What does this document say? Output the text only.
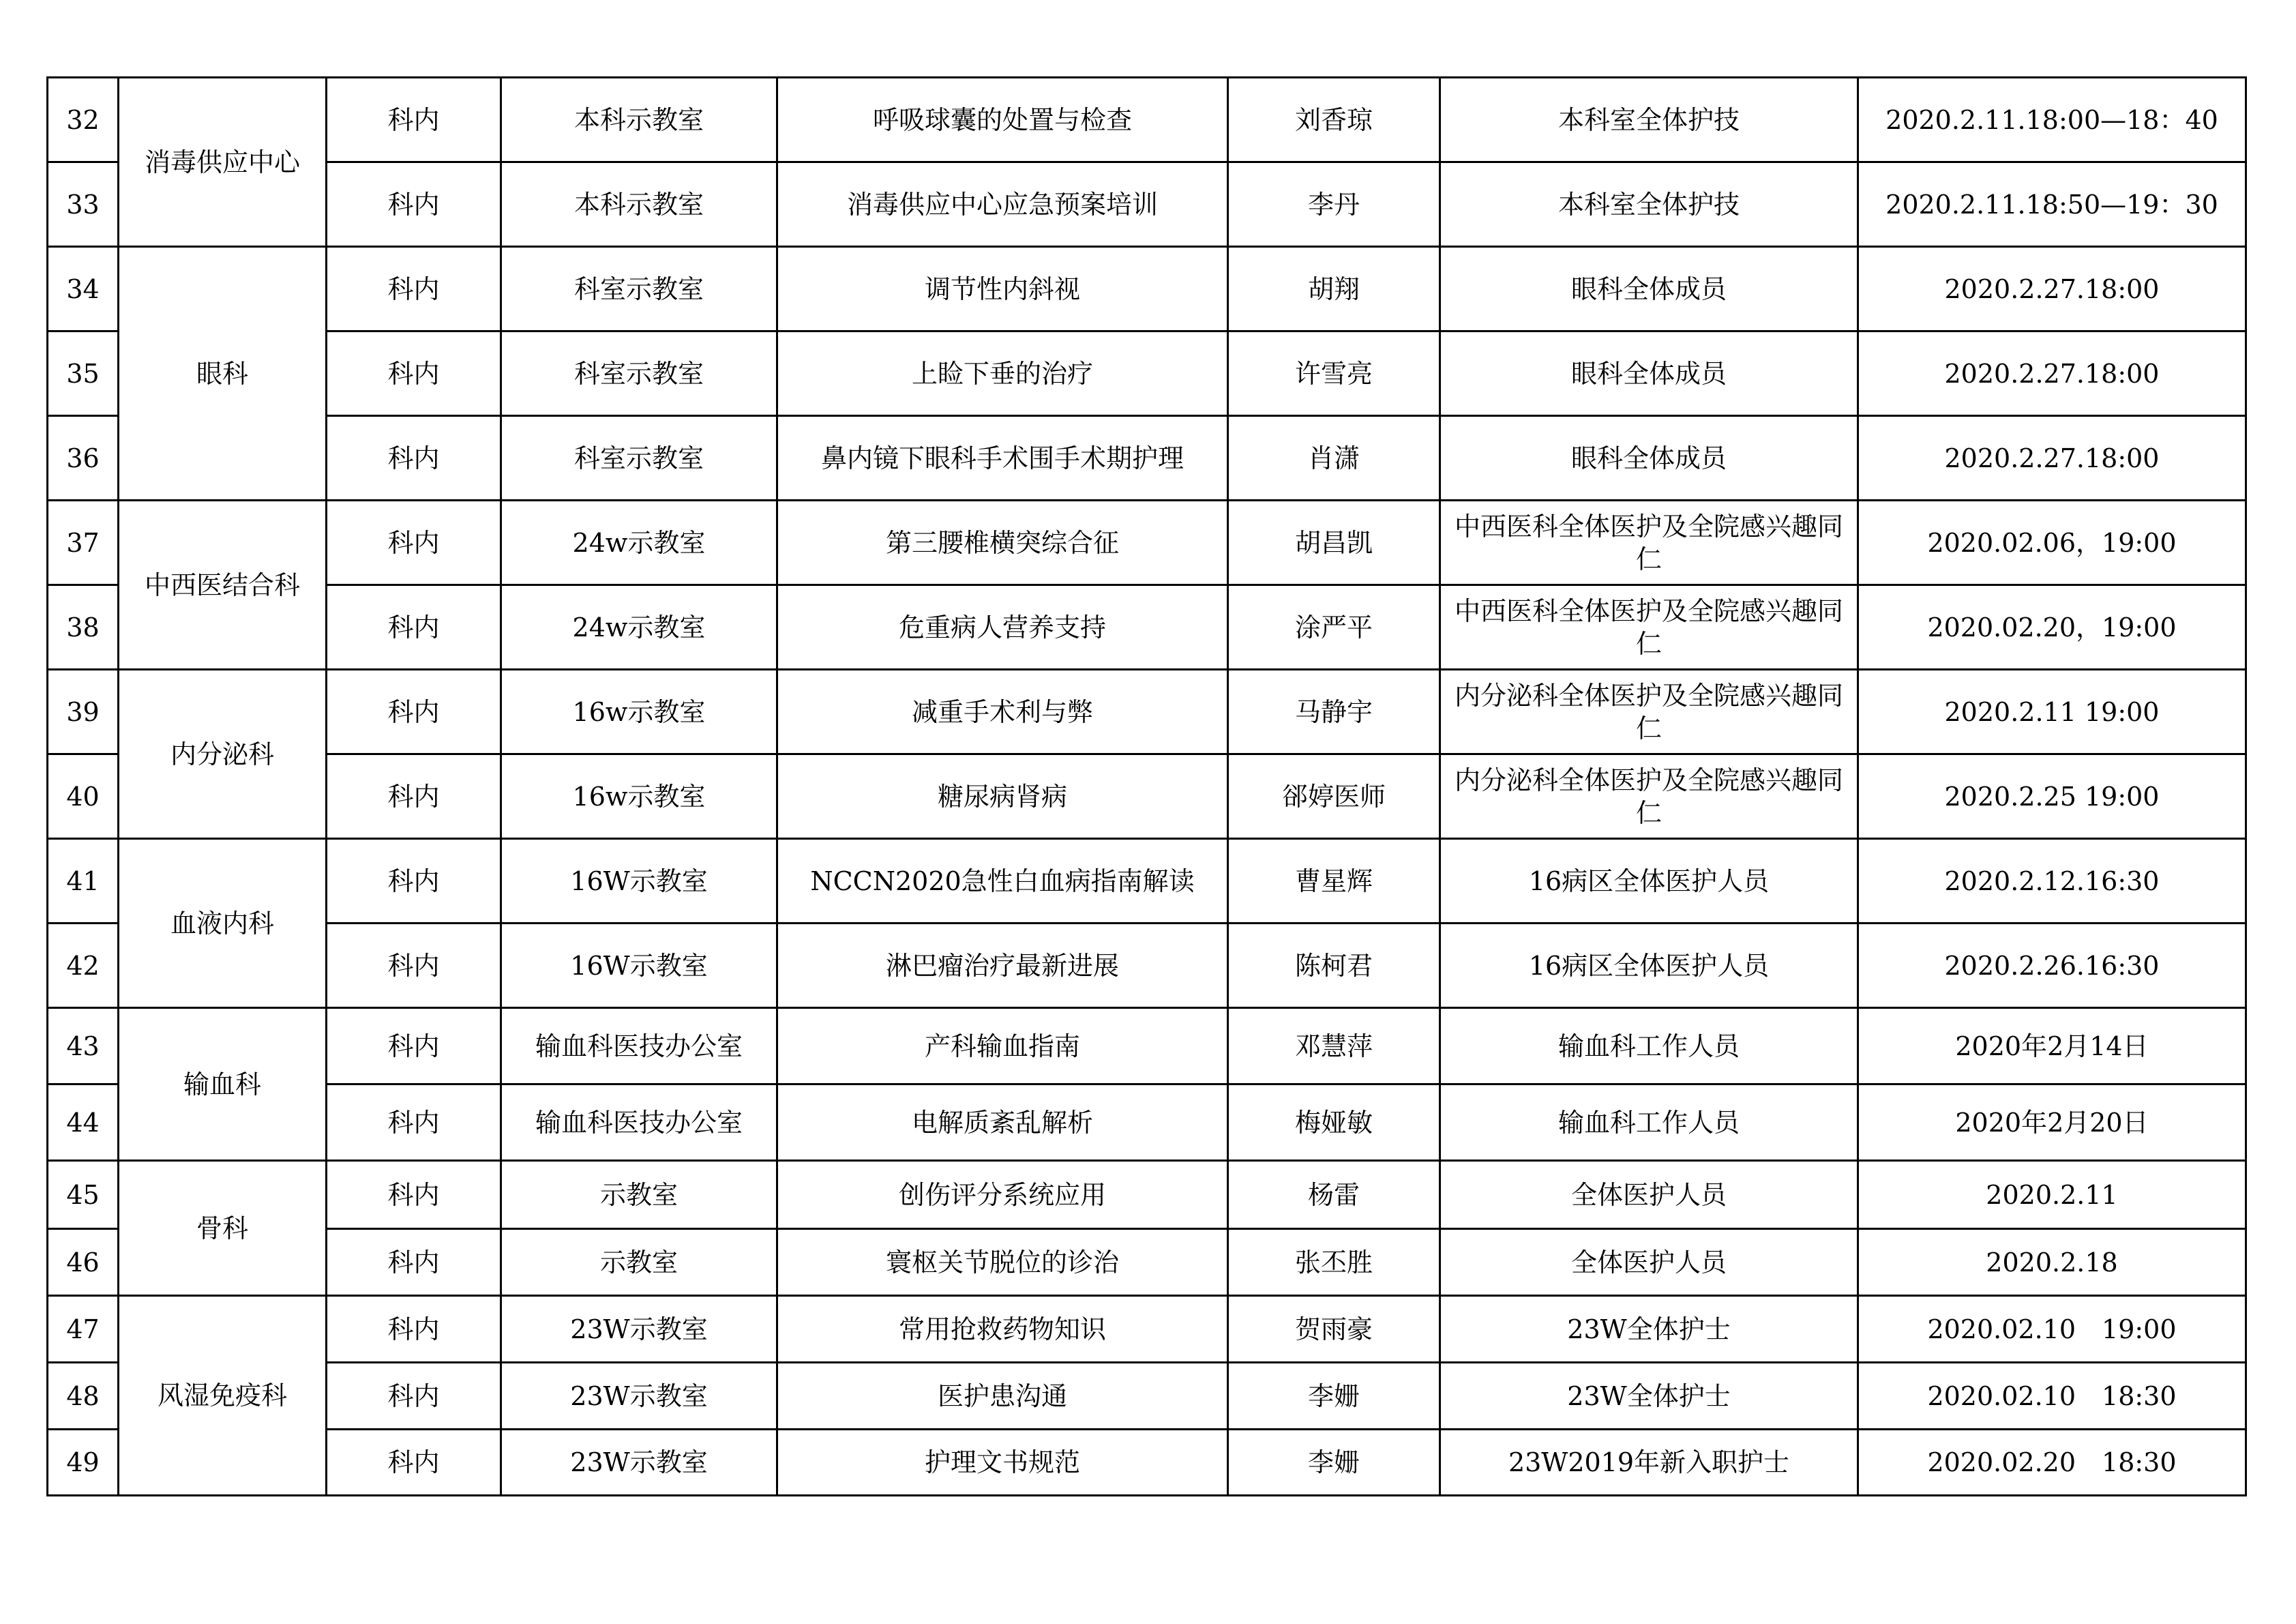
32	消毒供应中心	科内	本科示教室	呼吸球囊的处置与检查	刘香琼	本科室全体护技	2020.2.11.18:00—18：40
33		科内	本科示教室	消毒供应中心应急预案培训	李丹	本科室全体护技	2020.2.11.18:50—19：30
34	眼科	科内	科室示教室	调节性内斜视	胡翔	眼科全体成员	2020.2.27.18:00
35		科内	科室示教室	上睑下垂的治疗	许雪亮	眼科全体成员	2020.2.27.18:00
36		科内	科室示教室	鼻内镜下眼科手术围手术期护理	肖潇	眼科全体成员	2020.2.27.18:00
37	中西医结合科	科内	24w示教室	第三腰椎横突综合征	胡昌凯	中西医科全体医护及全院感兴趣同仁	2020.02.06，19:00
38		科内	24w示教室	危重病人营养支持	涂严平	中西医科全体医护及全院感兴趣同仁	2020.02.20，19:00
39	内分泌科	科内	16w示教室	减重手术利与弊	马静宇	内分泌科全体医护及全院感兴趣同仁	2020.2.11 19:00
40		科内	16w示教室	糖尿病肾病	郤婷医师	内分泌科全体医护及全院感兴趣同仁	2020.2.25 19:00
41	血液内科	科内	16W示教室	NCCN2020急性白血病指南解读	曹星辉	16病区全体医护人员	2020.2.12.16:30
42		科内	16W示教室	淋巴瘤治疗最新进展	陈柯君	16病区全体医护人员	2020.2.26.16:30
43	输血科	科内	输血科医技办公室	产科输血指南	邓慧萍	输血科工作人员	2020年2月14日
44		科内	输血科医技办公室	电解质紊乱解析	梅娅敏	输血科工作人员	2020年2月20日
45	骨科	科内	示教室	创伤评分系统应用	杨雷	全体医护人员	2020.2.11
46		科内	示教室	寰枢关节脱位的诊治	张丕胜	全体医护人员	2020.2.18
47	风湿免疫科	科内	23W示教室	常用抢救药物知识	贺雨豪	23W全体护士	2020.02.10　19:00
48		科内	23W示教室	医护患沟通	李姗	23W全体护士	2020.02.10　18:30
49		科内	23W示教室	护理文书规范	李姗	23W2019年新入职护士	2020.02.20　18:30
